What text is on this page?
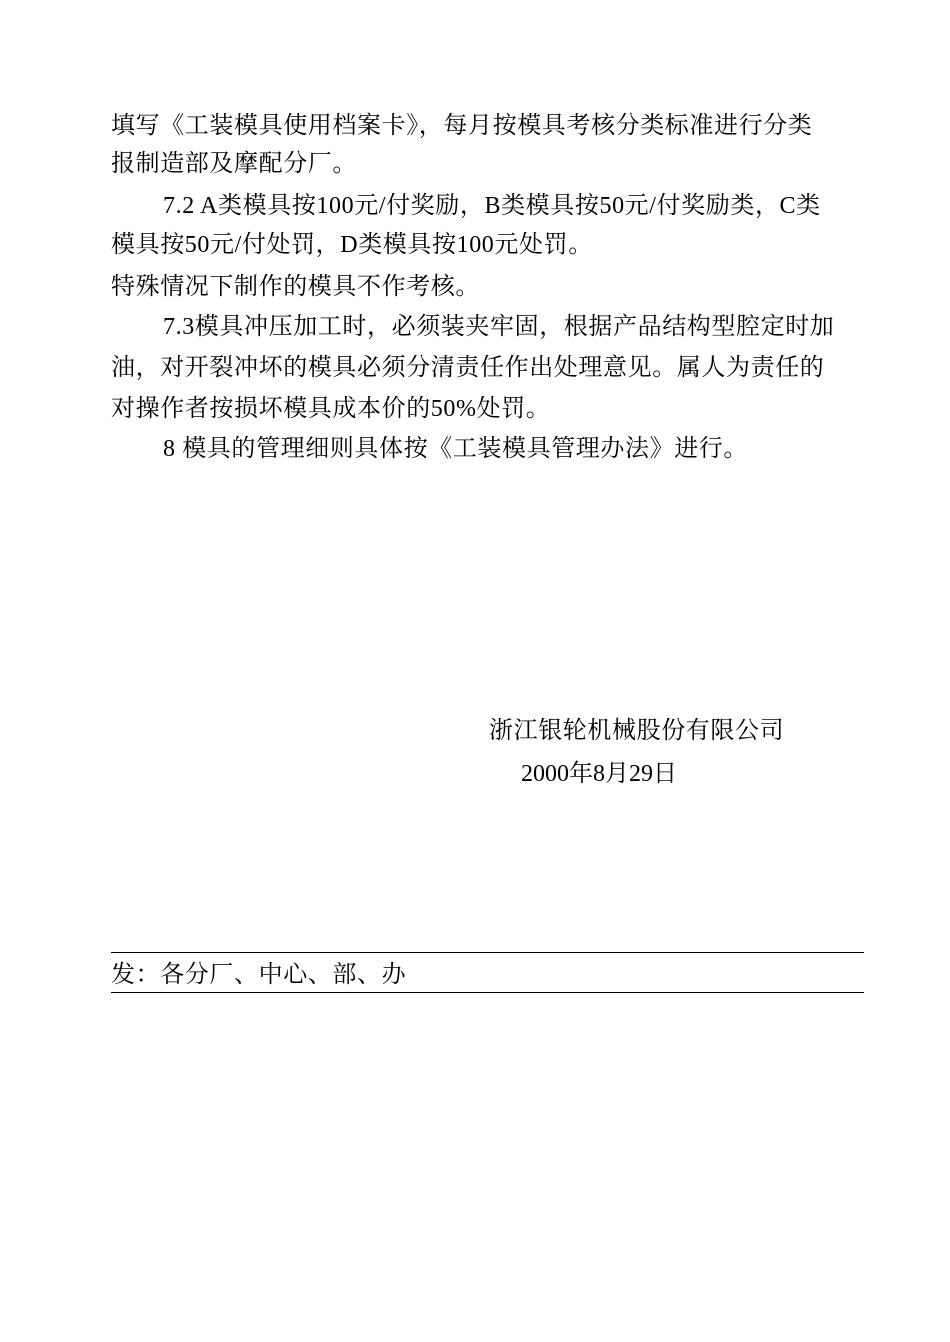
填写《工装模具使用档案卡》，每月按模具考核分类标准进行分类
报制造部及摩配分厂。
7.2 A类模具按100元/付奖励，B类模具按50元/付奖励类，C类
模具按50元/付处罚，D类模具按100元处罚。
特殊情况下制作的模具不作考核。
7.3模具冲压加工时，必须装夹牢固，根据产品结构型腔定时加
油，对开裂冲坏的模具必须分清责任作出处理意见。属人为责任的
对操作者按损坏模具成本价的50%处罚。
8 模具的管理细则具体按《工装模具管理办法》进行。
浙江银轮机械股份有限公司
2000年8月29日
发：各分厂、中心、部、办
